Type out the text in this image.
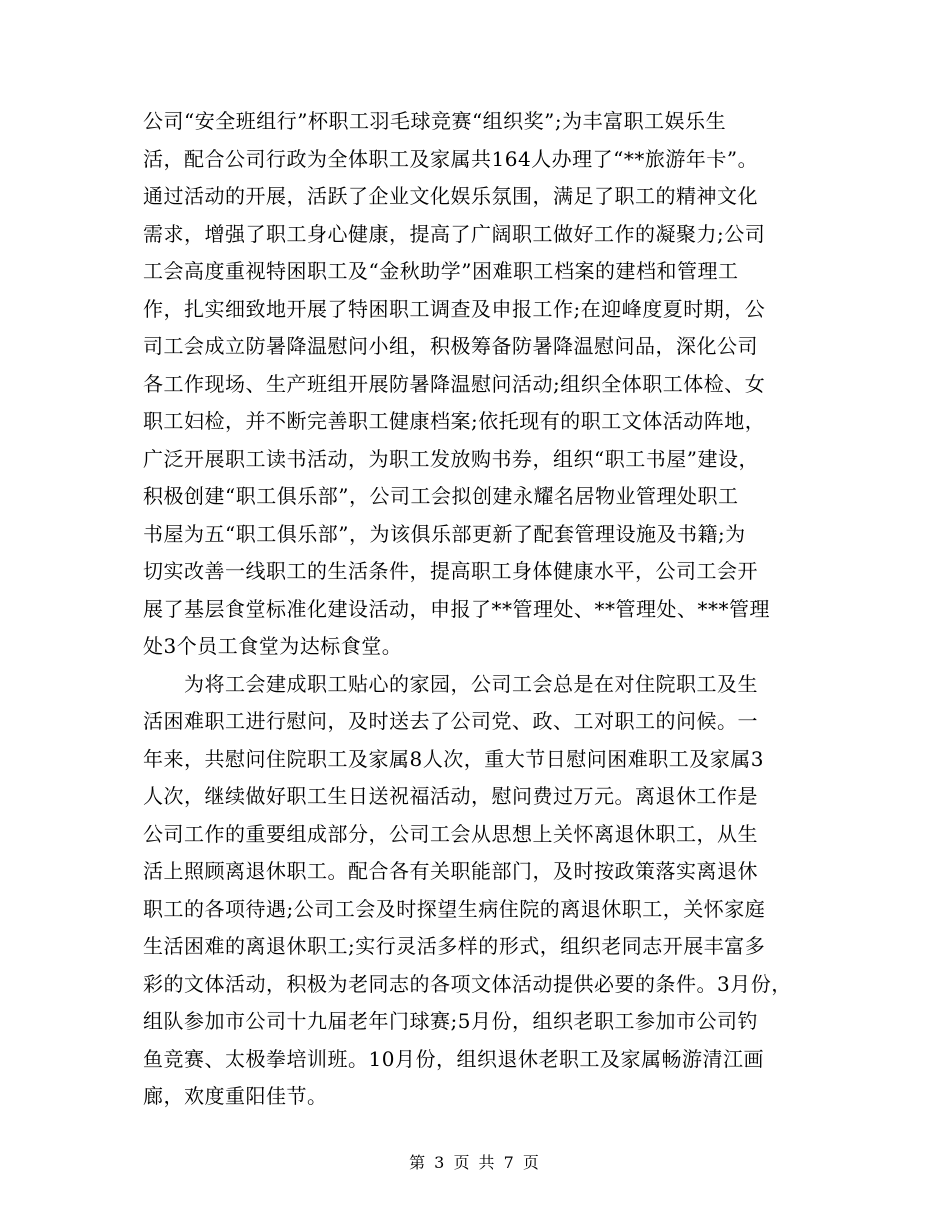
公司“安全班组行”杯职工羽毛球竞赛“组织奖”;为丰富职工娱乐生
活，配合公司行政为全体职工及家属共164人办理了“**旅游年卡”。
通过活动的开展，活跃了企业文化娱乐氛围，满足了职工的精神文化
需求，增强了职工身心健康，提高了广阔职工做好工作的凝聚力;公司
工会高度重视特困职工及“金秋助学”困难职工档案的建档和管理工
作，扎实细致地开展了特困职工调查及申报工作;在迎峰度夏时期，公
司工会成立防暑降温慰问小组，积极筹备防暑降温慰问品，深化公司
各工作现场、生产班组开展防暑降温慰问活动;组织全体职工体检、女
职工妇检，并不断完善职工健康档案;依托现有的职工文体活动阵地，
广泛开展职工读书活动，为职工发放购书券，组织“职工书屋”建设，
积极创建“职工俱乐部”，公司工会拟创建永耀名居物业管理处职工
书屋为五“职工俱乐部”，为该俱乐部更新了配套管理设施及书籍;为
切实改善一线职工的生活条件，提高职工身体健康水平，公司工会开
展了基层食堂标准化建设活动，申报了**管理处、**管理处、***管理
处3个员工食堂为达标食堂。
　　为将工会建成职工贴心的家园，公司工会总是在对住院职工及生
活困难职工进行慰问，及时送去了公司党、政、工对职工的问候。一
年来，共慰问住院职工及家属8人次，重大节日慰问困难职工及家属3
人次，继续做好职工生日送祝福活动，慰问费过万元。离退休工作是
公司工作的重要组成部分，公司工会从思想上关怀离退休职工，从生
活上照顾离退休职工。配合各有关职能部门，及时按政策落实离退休
职工的各项待遇;公司工会及时探望生病住院的离退休职工，关怀家庭
生活困难的离退休职工;实行灵活多样的形式，组织老同志开展丰富多
彩的文体活动，积极为老同志的各项文体活动提供必要的条件。3月份，
组队参加市公司十九届老年门球赛;5月份，组织老职工参加市公司钓
鱼竞赛、太极拳培训班。10月份，组织退休老职工及家属畅游清江画
廊，欢度重阳佳节。
第 3 页 共 7 页
